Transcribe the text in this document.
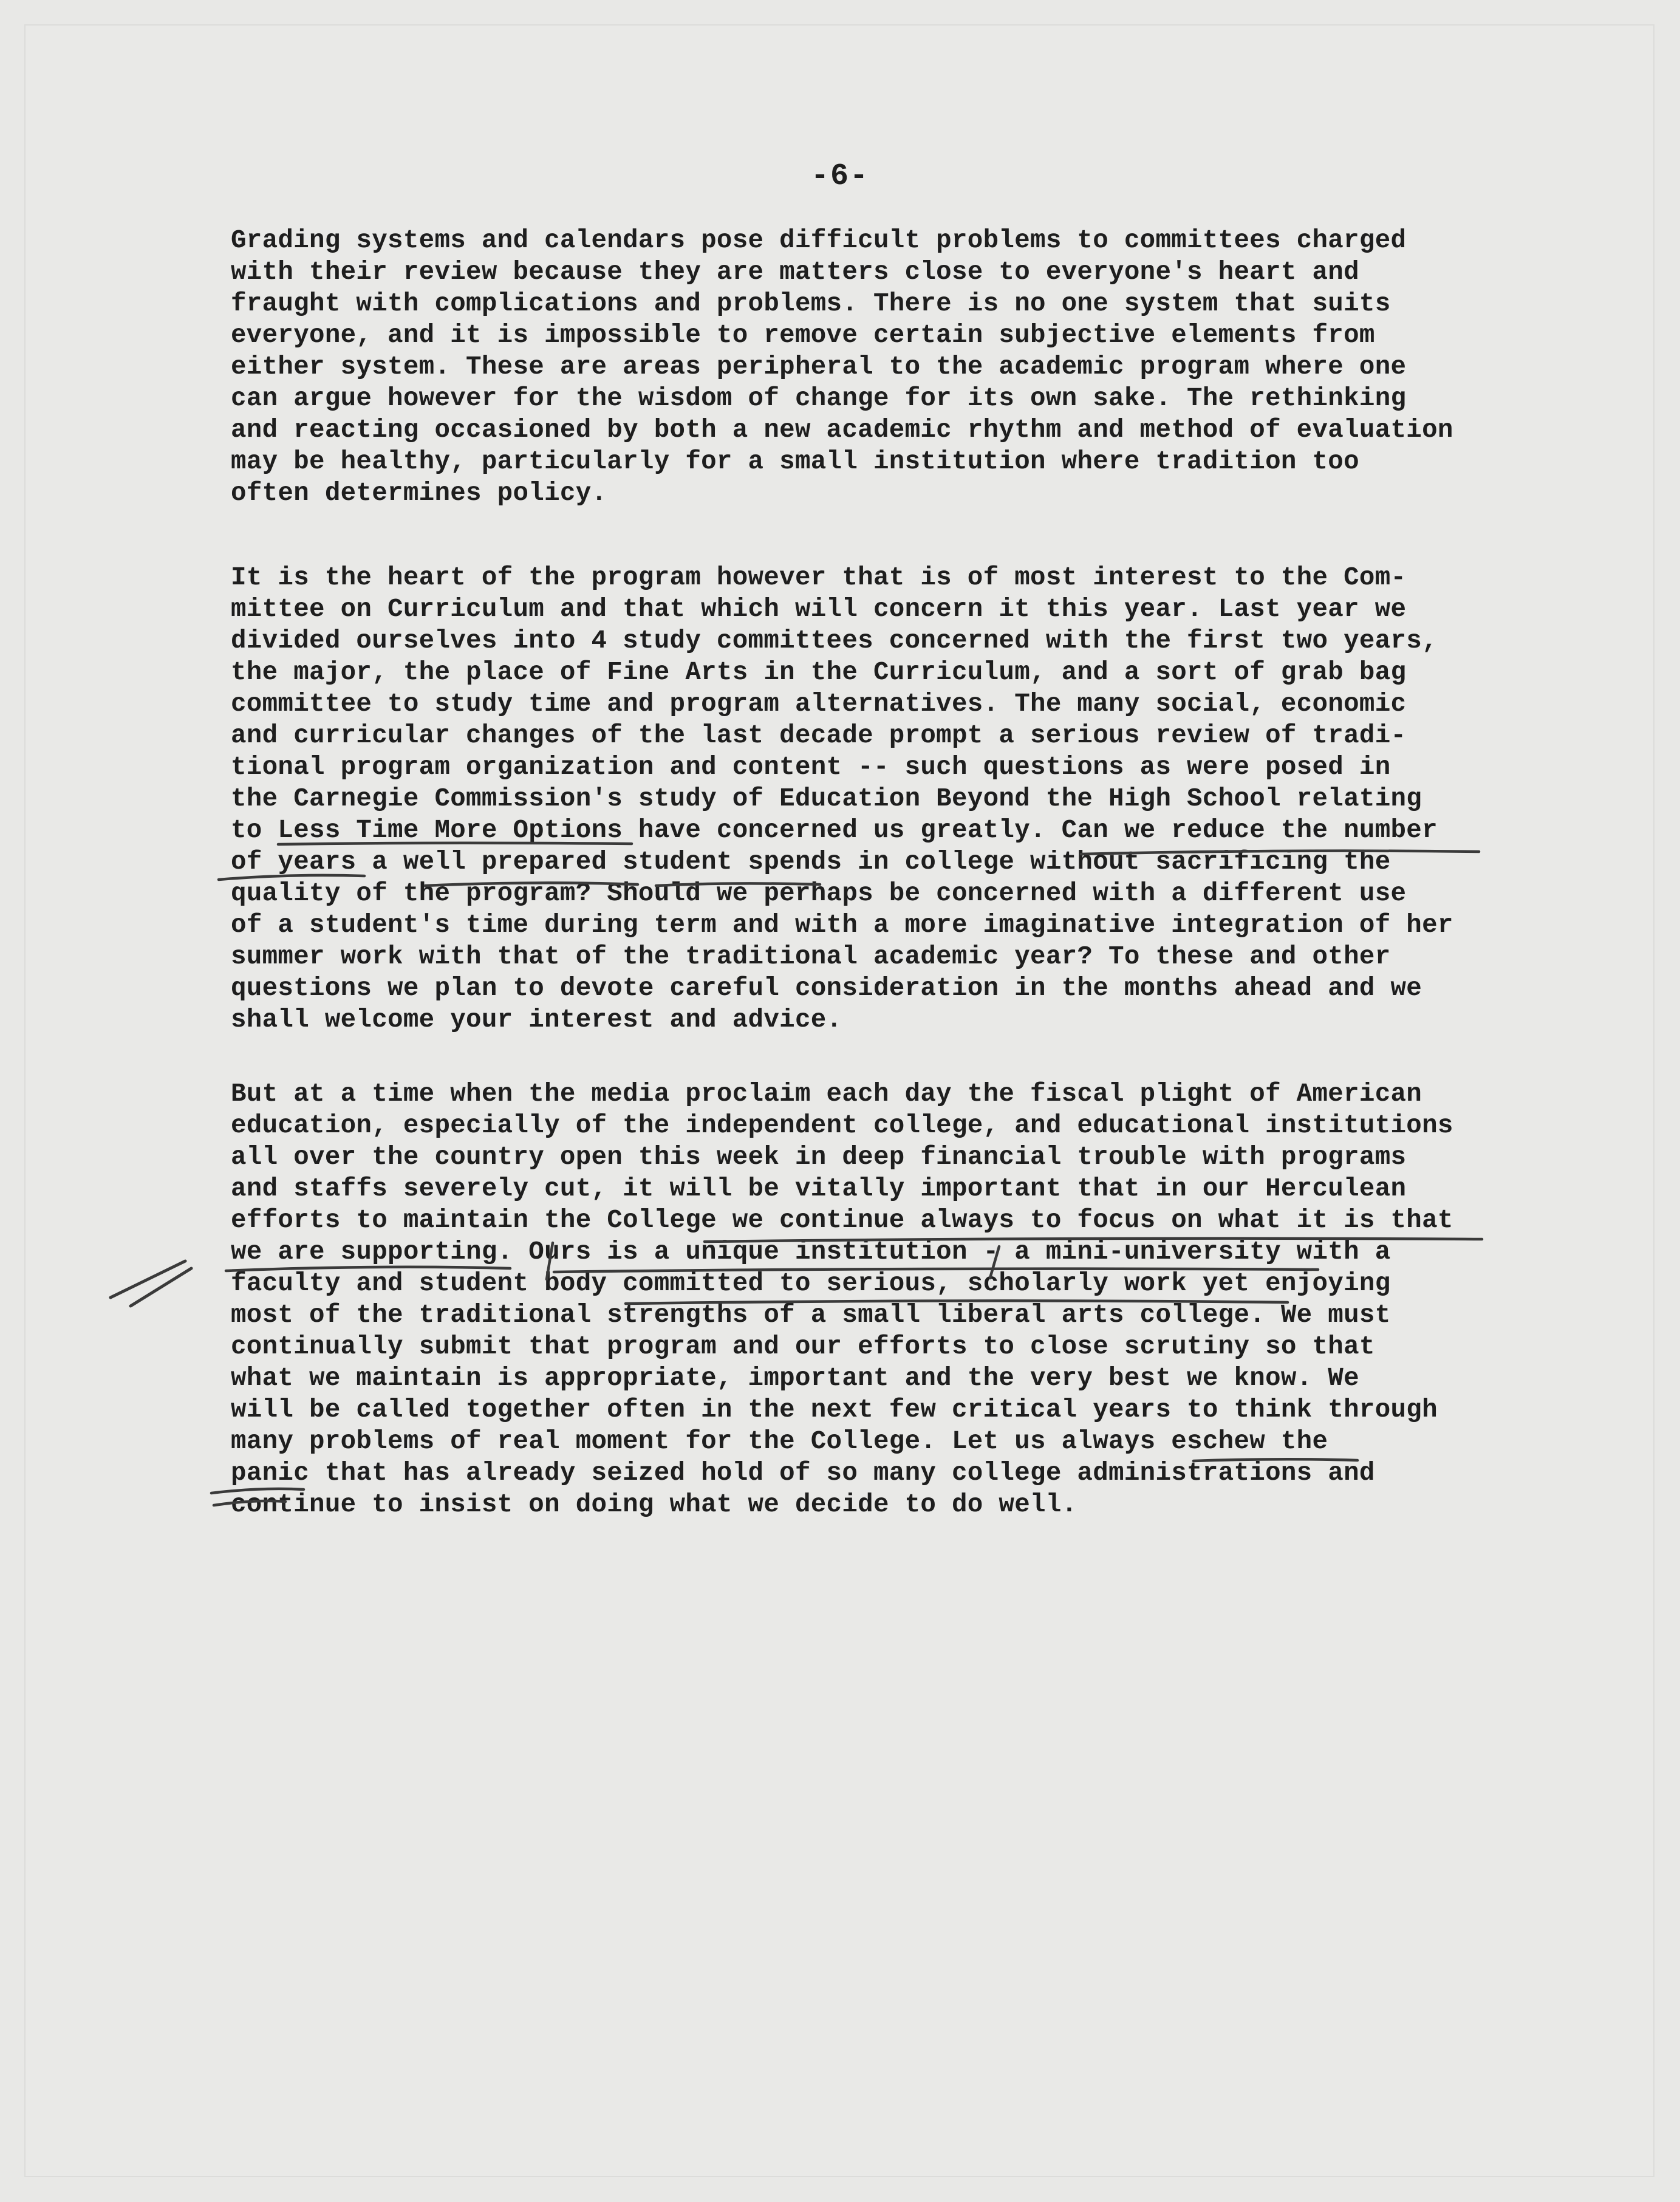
-6-
Grading systems and calendars pose difficult problems to committees charged
with their review because they are matters close to everyone's heart and
fraught with complications and problems. There is no one system that suits
everyone, and it is impossible to remove certain subjective elements from
either system. These are areas peripheral to the academic program where one
can argue however for the wisdom of change for its own sake. The rethinking
and reacting occasioned by both a new academic rhythm and method of evaluation
may be healthy, particularly for a small institution where tradition too
often determines policy.
It is the heart of the program however that is of most interest to the Com-
mittee on Curriculum and that which will concern it this year. Last year we
divided ourselves into 4 study committees concerned with the first two years,
the major, the place of Fine Arts in the Curriculum, and a sort of grab bag
committee to study time and program alternatives. The many social, economic
and curricular changes of the last decade prompt a serious review of tradi-
tional program organization and content -- such questions as were posed in
the Carnegie Commission's study of Education Beyond the High School relating
to Less Time More Options have concerned us greatly. Can we reduce the number
of years a well prepared student spends in college without sacrificing the
quality of the program? Should we perhaps be concerned with a different use
of a student's time during term and with a more imaginative integration of her
summer work with that of the traditional academic year? To these and other
questions we plan to devote careful consideration in the months ahead and we
shall welcome your interest and advice.
But at a time when the media proclaim each day the fiscal plight of American
education, especially of the independent college, and educational institutions
all over the country open this week in deep financial trouble with programs
and staffs severely cut, it will be vitally important that in our Herculean
efforts to maintain the College we continue always to focus on what it is that
we are supporting. Ours is a unique institution - a mini-university with a
faculty and student body committed to serious, scholarly work yet enjoying
most of the traditional strengths of a small liberal arts college. We must
continually submit that program and our efforts to close scrutiny so that
what we maintain is appropriate, important and the very best we know. We
will be called together often in the next few critical years to think through
many problems of real moment for the College. Let us always eschew the
panic that has already seized hold of so many college administrations and
continue to insist on doing what we decide to do well.
